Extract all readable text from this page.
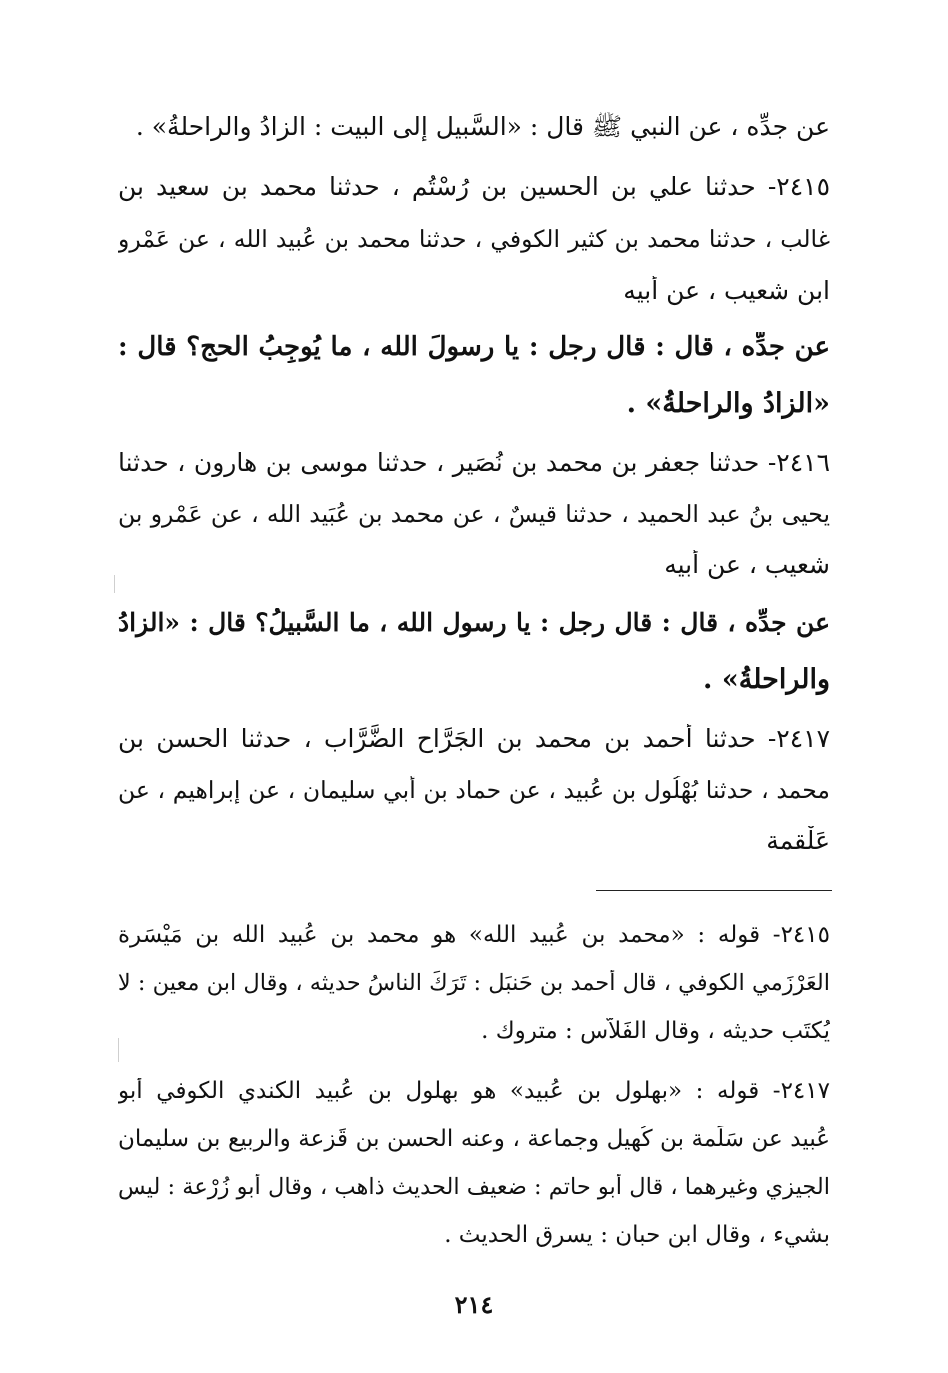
عن جدِّه ، عن النبي ﷺ قال : «السَّبيل إلى البيت : الزادُ والراحلةُ» .
٢٤١٥- حدثنا علي بن الحسين بن رُسْتُم ، حدثنا محمد بن سعيد بن
غالب ، حدثنا محمد بن كثير الكوفي ، حدثنا محمد بن عُبيد الله ، عن عَمْرو
ابن شعيب ، عن أبيه
عن جدِّه ، قال : قال رجل : يا رسولَ الله ، ما يُوجِبُ الحج؟ قال :
«الزادُ والراحلةُ» .
٢٤١٦- حدثنا جعفر بن محمد بن نُصَير ، حدثنا موسى بن هارون ، حدثنا
يحيى بنُ عبد الحميد ، حدثنا قيسٌ ، عن محمد بن عُبَيد الله ، عن عَمْرو بن
شعيب ، عن أبيه
عن جدِّه ، قال : قال رجل : يا رسول الله ، ما السَّبيلُ؟ قال : «الزادُ
والراحلةُ» .
٢٤١٧- حدثنا أحمد بن محمد بن الجَرَّاح الضَّرَّاب ، حدثنا الحسن بن
محمد ، حدثنا بُهْلُول بن عُبيد ، عن حماد بن أبي سليمان ، عن إبراهيم ، عن
عَلْقمة
٢٤١٥- قوله : «محمد بن عُبيد الله» هو محمد بن عُبيد الله بن مَيْسَرة
العَرْزَمي الكوفي ، قال أحمد بن حَنبَل : تَرَكَ الناسُ حديثه ، وقال ابن معين : لا
يُكتَب حديثه ، وقال الفَلاَّس : متروك .
٢٤١٧- قوله : «بهلول بن عُبيد» هو بهلول بن عُبيد الكندي الكوفي أبو
عُبيد عن سَلَمة بن كُهيل وجماعة ، وعنه الحسن بن قَزعة والربيع بن سليمان
الجيزي وغيرهما ، قال أبو حاتم : ضعيف الحديث ذاهب ، وقال أبو زُرْعة : ليس
بشيء ، وقال ابن حبان : يسرق الحديث .
٢١٤
